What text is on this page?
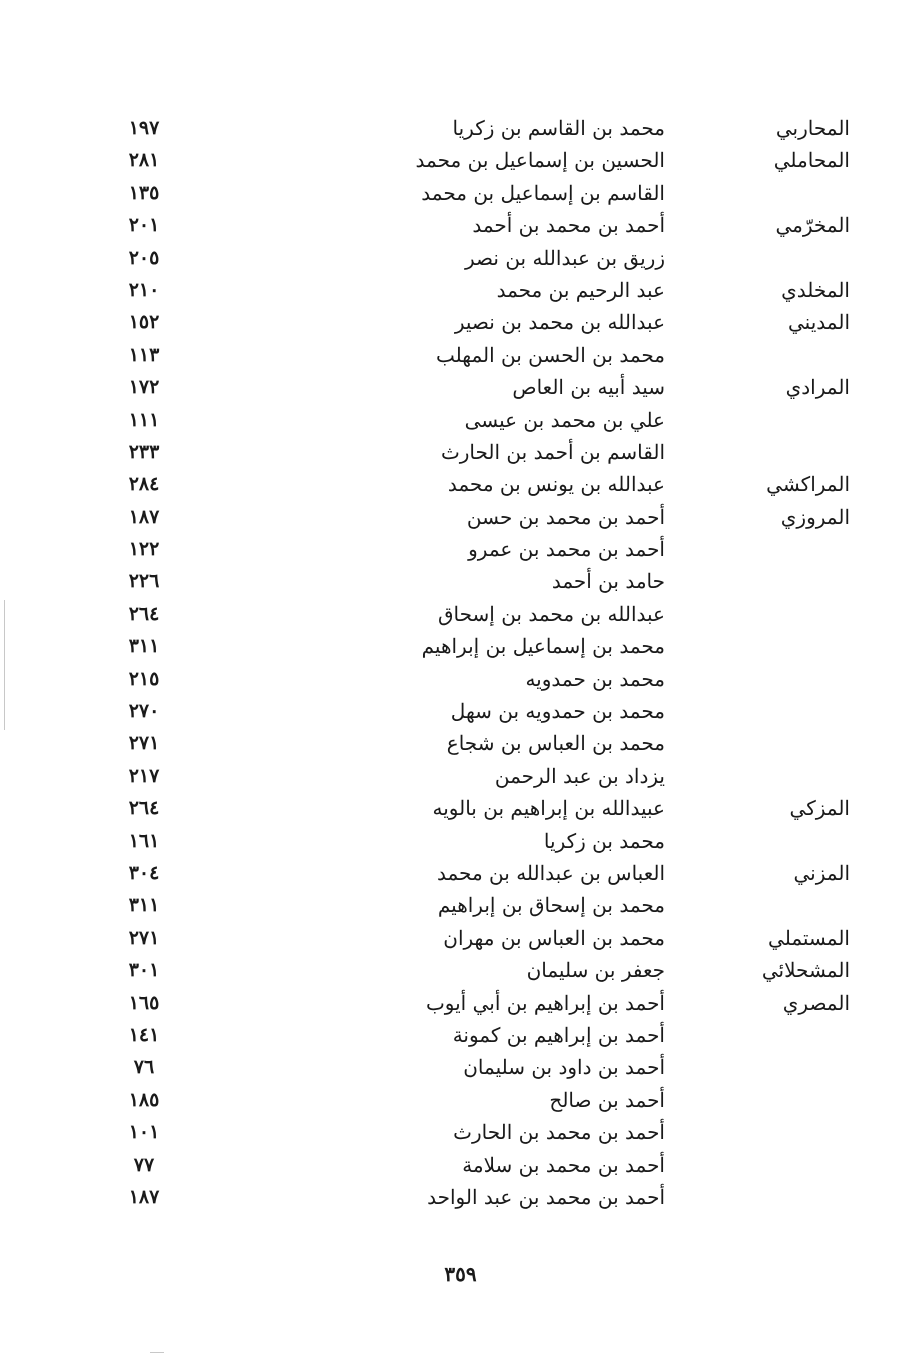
المحاربي
محمد بن القاسم بن زكريا
١٩٧
المحاملي
الحسين بن إسماعيل بن محمد
٢٨١
القاسم بن إسماعيل بن محمد
١٣٥
المخرّمي
أحمد بن محمد بن أحمد
٢٠١
زريق بن عبدالله بن نصر
٢٠٥
المخلدي
عبد الرحيم بن محمد
٢١٠
المديني
عبدالله بن محمد بن نصير
١٥٢
محمد بن الحسن بن المهلب
١١٣
المرادي
سيد أبيه بن العاص
١٧٢
علي بن محمد بن عيسى
١١١
القاسم بن أحمد بن الحارث
٢٣٣
المراكشي
عبدالله بن يونس بن محمد
٢٨٤
المروزي
أحمد بن محمد بن حسن
١٨٧
أحمد بن محمد بن عمرو
١٢٢
حامد بن أحمد
٢٢٦
عبدالله بن محمد بن إسحاق
٢٦٤
محمد بن إسماعيل بن إبراهيم
٣١١
محمد بن حمدويه
٢١٥
محمد بن حمدويه بن سهل
٢٧٠
محمد بن العباس بن شجاع
٢٧١
يزداد بن عبد الرحمن
٢١٧
المزكي
عبيدالله بن إبراهيم بن بالويه
٢٦٤
محمد بن زكريا
١٦١
المزني
العباس بن عبدالله بن محمد
٣٠٤
محمد بن إسحاق بن إبراهيم
٣١١
المستملي
محمد بن العباس بن مهران
٢٧١
المشحلائي
جعفر بن سليمان
٣٠١
المصري
أحمد بن إبراهيم بن أبي أيوب
١٦٥
أحمد بن إبراهيم بن كمونة
١٤١
أحمد بن داود بن سليمان
٧٦
أحمد بن صالح
١٨٥
أحمد بن محمد بن الحارث
١٠١
أحمد بن محمد بن سلامة
٧٧
أحمد بن محمد بن عبد الواحد
١٨٧
٣٥٩
